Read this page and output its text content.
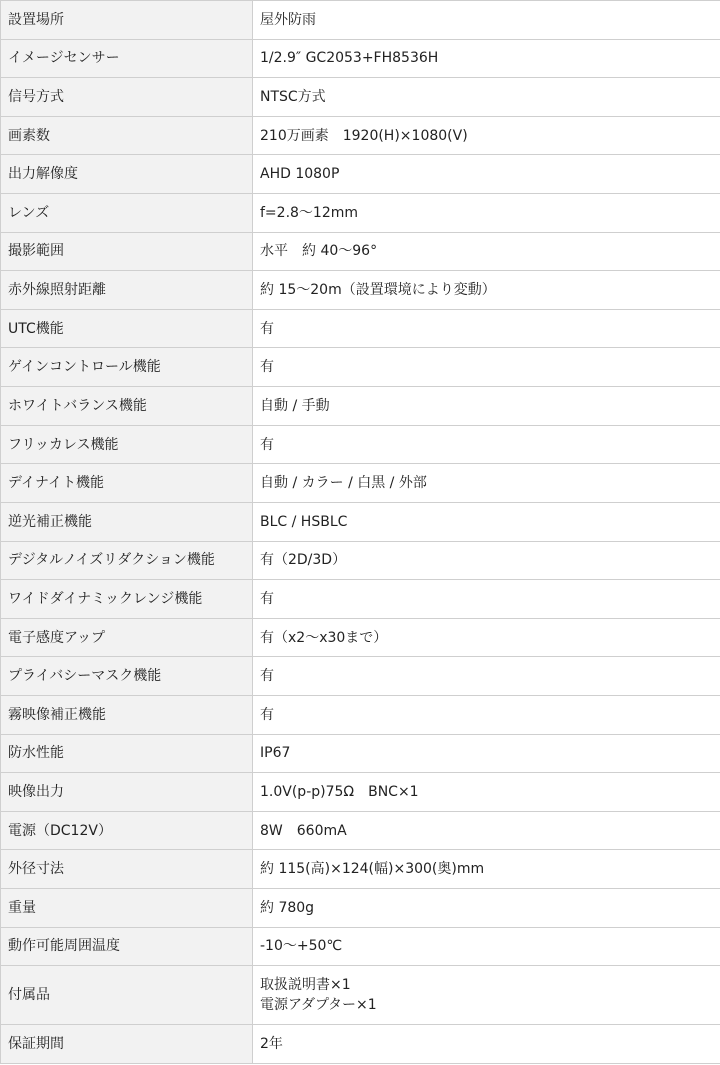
設置場所	屋外防雨
イメージセンサー	1/2.9″ GC2053+FH8536H
信号方式	NTSC方式
画素数	210万画素　1920(H)×1080(V)
出力解像度	AHD 1080P
レンズ	f=2.8〜12mm
撮影範囲	水平　約 40〜96°
赤外線照射距離	約 15〜20m（設置環境により変動）
UTC機能	有
ゲインコントロール機能	有
ホワイトバランス機能	自動 / 手動
フリッカレス機能	有
デイナイト機能	自動 / カラー / 白黒 / 外部
逆光補正機能	BLC / HSBLC
デジタルノイズリダクション機能	有（2D/3D）
ワイドダイナミックレンジ機能	有
電子感度アップ	有（x2〜x30まで）
プライバシーマスク機能	有
霧映像補正機能	有
防水性能	IP67
映像出力	1.0V(p-p)75Ω　BNC×1
電源（DC12V）	8W　660mA
外径寸法	約 115(高)×124(幅)×300(奥)mm
重量	約 780g
動作可能周囲温度	-10〜+50℃
付属品	取扱説明書×1
電源アダプター×1

保証期間	2年
